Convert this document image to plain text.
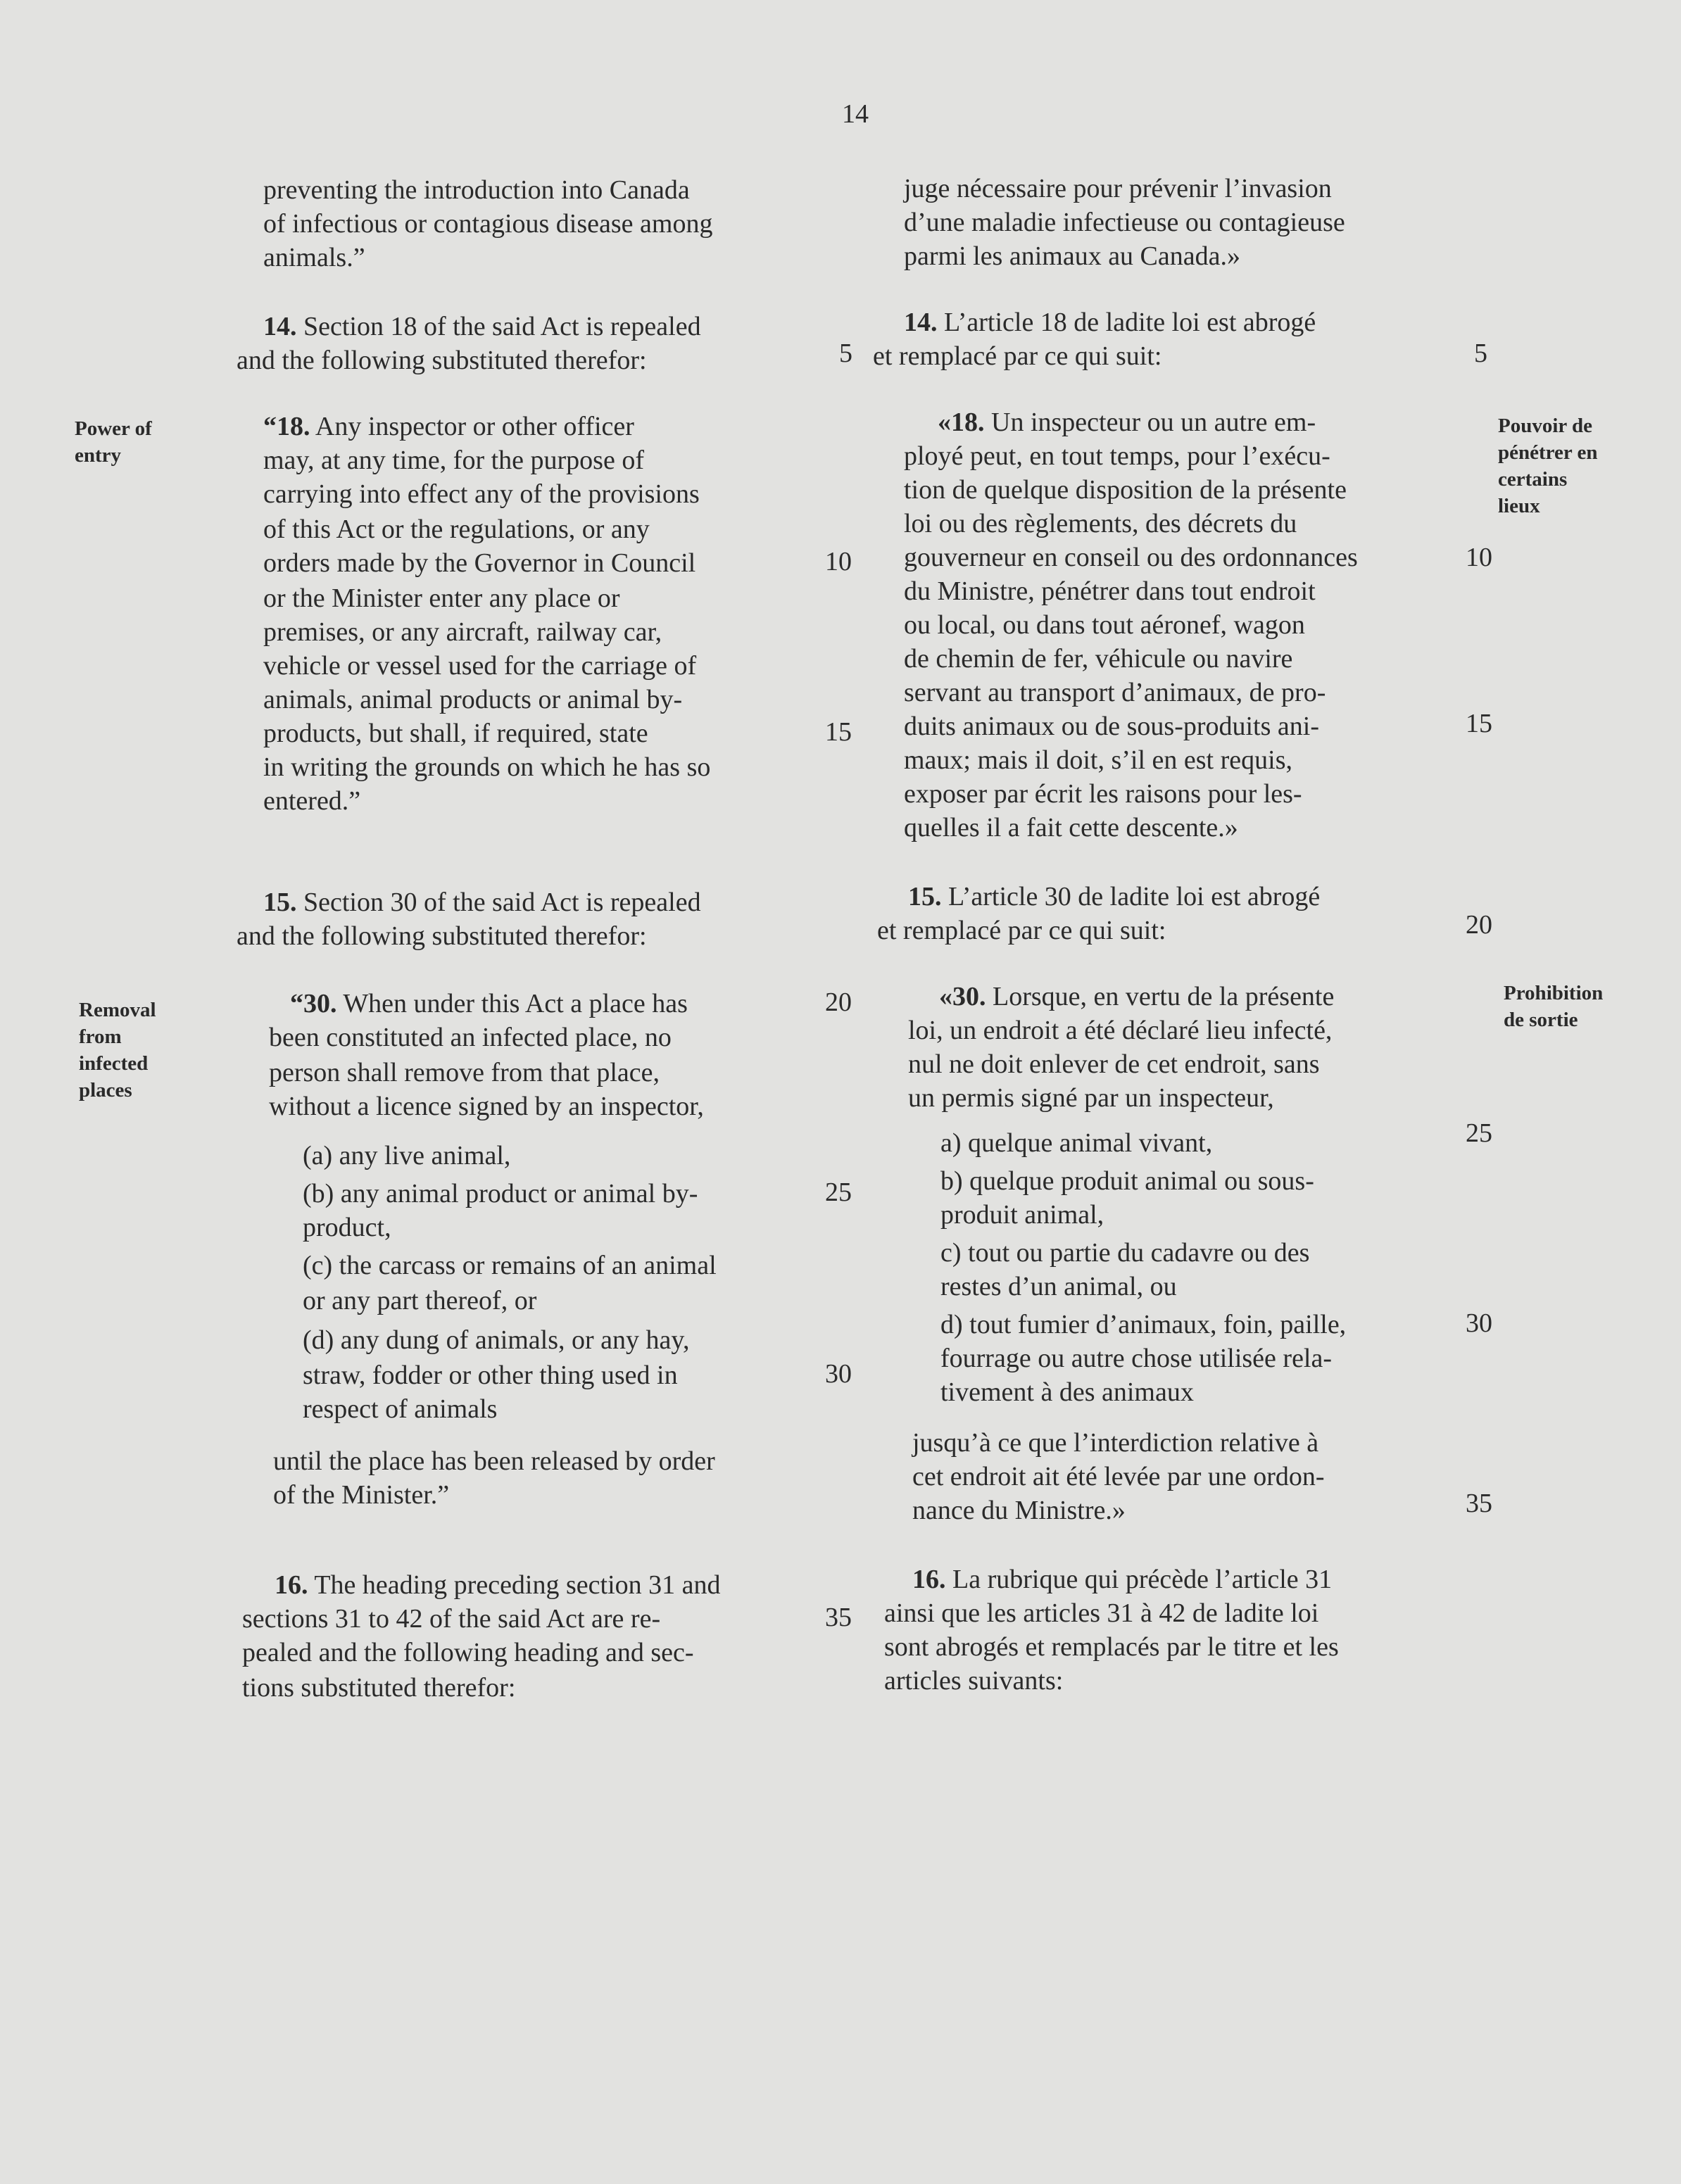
14
Power of
entry
Removal
from
infected
places
Pouvoir de
pénétrer en
certains
lieux
Prohibition
de sortie
5
10
15
20
25
30
35
5
10
15
20
25
30
35
preventing the introduction into Canada
of infectious or contagious disease among
animals.”
14. Section 18 of the said Act is repealed
and the following substituted therefor:
“18. Any inspector or other officer
may, at any time, for the purpose of
carrying into effect any of the provisions
of this Act or the regulations, or any
orders made by the Governor in Council
or the Minister enter any place or
premises, or any aircraft, railway car,
vehicle or vessel used for the carriage of
animals, animal products or animal by-
products, but shall, if required, state
in writing the grounds on which he has so
entered.”
15. Section 30 of the said Act is repealed
and the following substituted therefor:
“30. When under this Act a place has
been constituted an infected place, no
person shall remove from that place,
without a licence signed by an inspector,
(a) any live animal,
(b) any animal product or animal by-
product,
(c) the carcass or remains of an animal
or any part thereof, or
(d) any dung of animals, or any hay,
straw, fodder or other thing used in
respect of animals
until the place has been released by order
of the Minister.”
16. The heading preceding section 31 and
sections 31 to 42 of the said Act are re-
pealed and the following heading and sec-
tions substituted therefor:
juge nécessaire pour prévenir l’invasion
d’une maladie infectieuse ou contagieuse
parmi les animaux au Canada.»
14. L’article 18 de ladite loi est abrogé
et remplacé par ce qui suit:
«18. Un inspecteur ou un autre em-
ployé peut, en tout temps, pour l’exécu-
tion de quelque disposition de la présente
loi ou des règlements, des décrets du
gouverneur en conseil ou des ordonnances
du Ministre, pénétrer dans tout endroit
ou local, ou dans tout aéronef, wagon
de chemin de fer, véhicule ou navire
servant au transport d’animaux, de pro-
duits animaux ou de sous-produits ani-
maux; mais il doit, s’il en est requis,
exposer par écrit les raisons pour les-
quelles il a fait cette descente.»
15. L’article 30 de ladite loi est abrogé
et remplacé par ce qui suit:
«30. Lorsque, en vertu de la présente
loi, un endroit a été déclaré lieu infecté,
nul ne doit enlever de cet endroit, sans
un permis signé par un inspecteur,
a) quelque animal vivant,
b) quelque produit animal ou sous-
produit animal,
c) tout ou partie du cadavre ou des
restes d’un animal, ou
d) tout fumier d’animaux, foin, paille,
fourrage ou autre chose utilisée rela-
tivement à des animaux
jusqu’à ce que l’interdiction relative à
cet endroit ait été levée par une ordon-
nance du Ministre.»
16. La rubrique qui précède l’article 31
ainsi que les articles 31 à 42 de ladite loi
sont abrogés et remplacés par le titre et les
articles suivants:
